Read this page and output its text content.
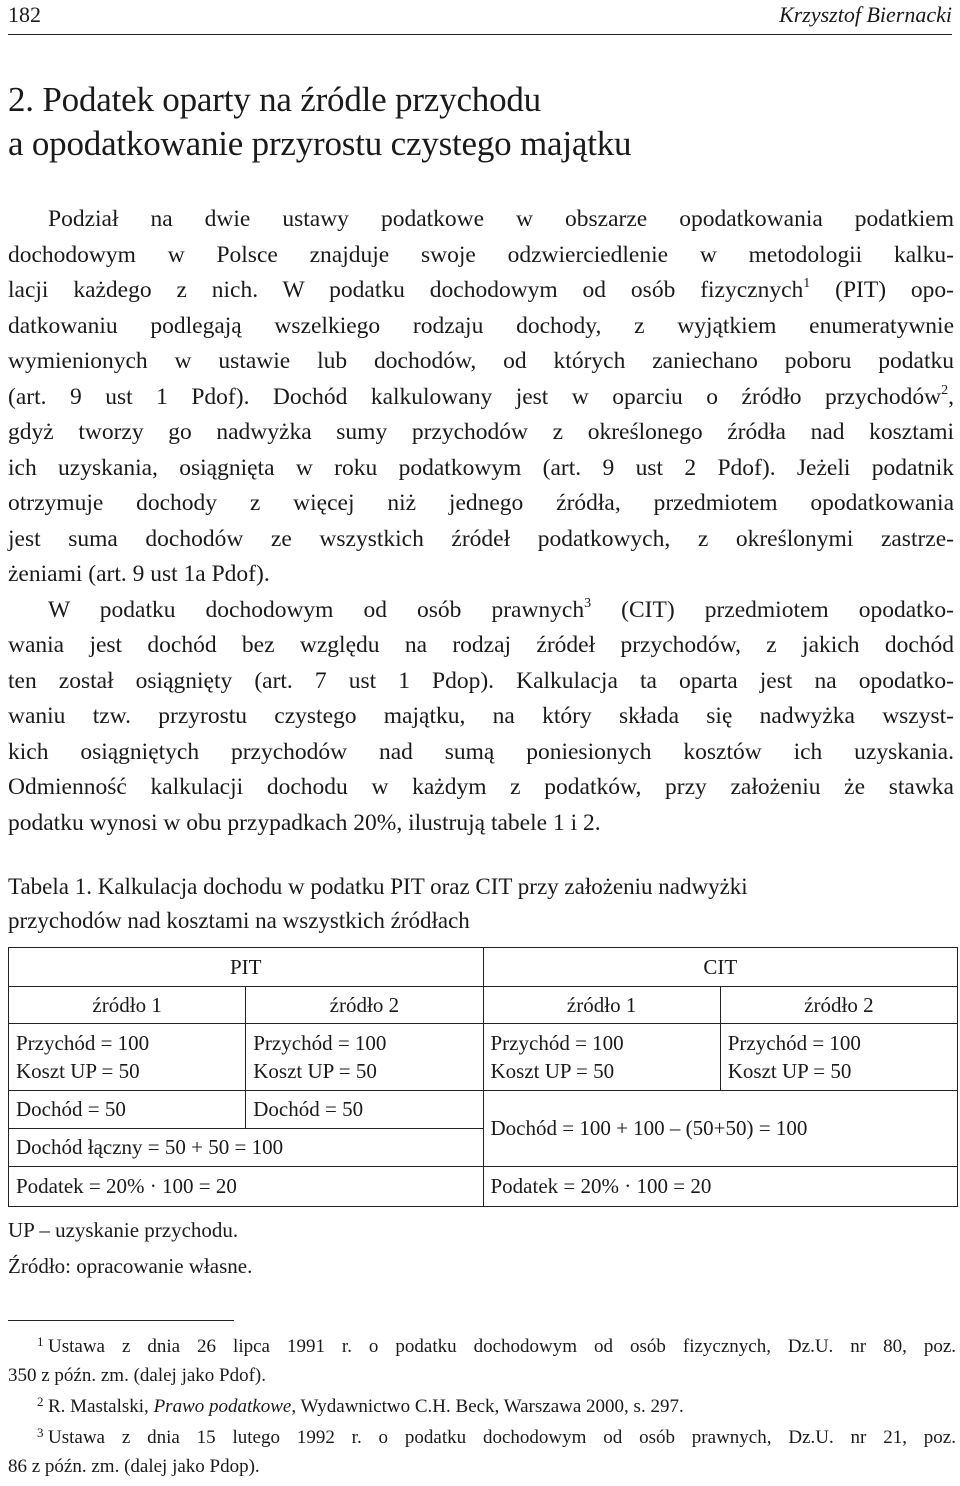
182	Krzysztof Biernacki
2. Podatek oparty na źródle przychodu
a opodatkowanie przyrostu czystego majątku
Podział na dwie ustawy podatkowe w obszarze opodatkowania podatkiem
dochodowym w Polsce znajduje swoje odzwierciedlenie w metodologii kalku-
lacji każdego z nich. W podatku dochodowym od osób fizycznych$^1$ (PIT) opo-
datkowaniu podlegają wszelkiego rodzaju dochody, z wyjątkiem enumeratywnie
wymienionych w ustawie lub dochodów, od których zaniechano poboru podatku
(art. 9 ust 1 Pdof). Dochód kalkulowany jest w oparciu o źródło przychodów$^2$,
gdyż tworzy go nadwyżka sumy przychodów z określonego źródła nad kosztami
ich uzyskania, osiągnięta w roku podatkowym (art. 9 ust 2 Pdof). Jeżeli podatnik
otrzymuje dochody z więcej niż jednego źródła, przedmiotem opodatkowania
jest suma dochodów ze wszystkich źródeł podatkowych, z określonymi zastrze-
żeniami (art. 9 ust 1a Pdof).
W podatku dochodowym od osób prawnych$^3$ (CIT) przedmiotem opodatko-
wania jest dochód bez względu na rodzaj źródeł przychodów, z jakich dochód
ten został osiągnięty (art. 7 ust 1 Pdop). Kalkulacja ta oparta jest na opodatko-
waniu tzw. przyrostu czystego majątku, na który składa się nadwyżka wszyst-
kich osiągniętych przychodów nad sumą poniesionych kosztów ich uzyskania.
Odmienność kalkulacji dochodu w każdym z podatków, przy założeniu że stawka
podatku wynosi w obu przypadkach 20%, ilustrują tabele 1 i 2.
Tabela 1. Kalkulacja dochodu w podatku PIT oraz CIT przy założeniu nadwyżki
przychodów nad kosztami na wszystkich źródłach
PIT		CIT	
źródło 1	źródło 2	źródło 1	źródło 2
Przychód = 100
Koszt UP = 50	Przychód = 100
Koszt UP = 50	Przychód = 100
Koszt UP = 50	Przychód = 100
Koszt UP = 50
Dochód = 50	Dochód = 50	Dochód = 100 + 100 – (50+50) = 100	
Dochód łączny = 50 + 50 = 100			
Podatek = 20% · 100 = 20		Podatek = 20% · 100 = 20	
UP – uzyskanie przychodu.
Źródło: opracowanie własne.
1 Ustawa z dnia 26 lipca 1991 r. o podatku dochodowym od osób fizycznych, Dz.U. nr 80, poz.
350 z późn. zm. (dalej jako Pdof).
2 R. Mastalski, Prawo podatkowe, Wydawnictwo C.H. Beck, Warszawa 2000, s. 297.
3 Ustawa z dnia 15 lutego 1992 r. o podatku dochodowym od osób prawnych, Dz.U. nr 21, poz.
86 z późn. zm. (dalej jako Pdop).
